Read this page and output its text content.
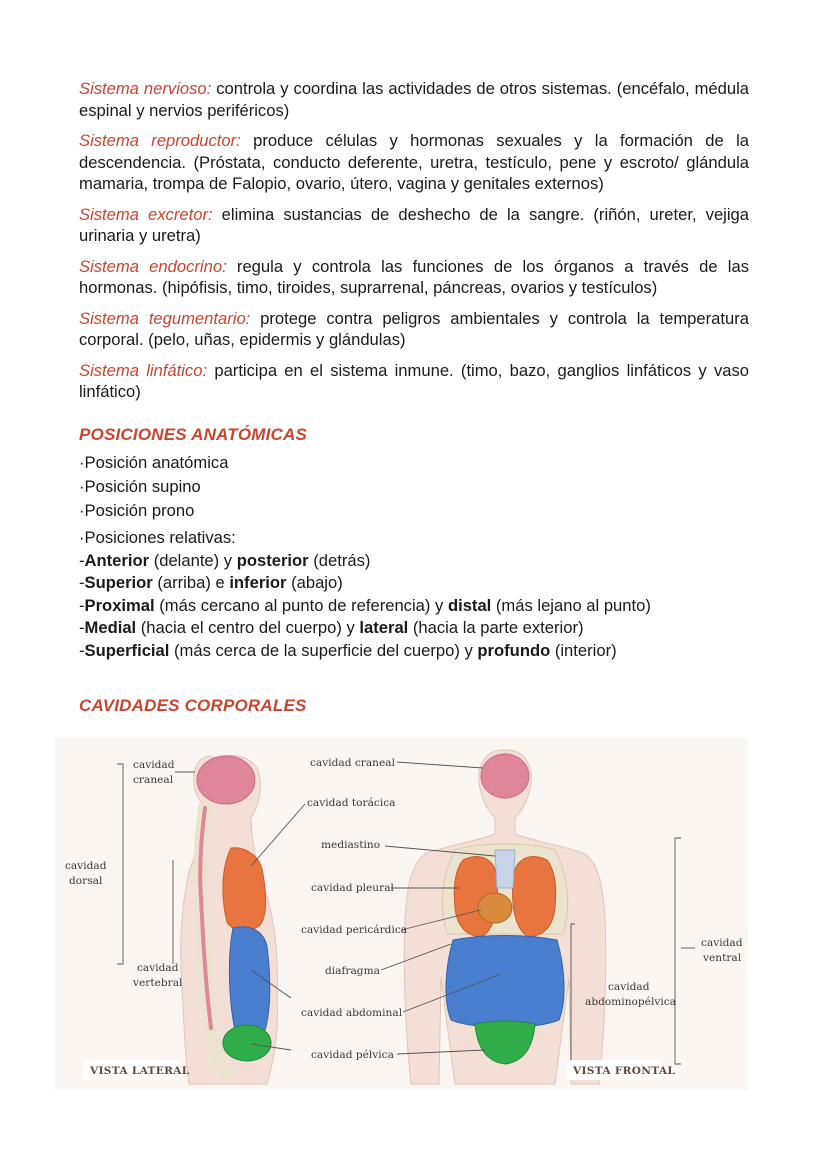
Sistema nervioso: controla y coordina las actividades de otros sistemas. (encéfalo, médula espinal y nervios periféricos)

Sistema reproductor: produce células y hormonas sexuales y la formación de la descendencia. (Próstata, conducto deferente, uretra, testículo, pene y escroto/ glándula mamaria, trompa de Falopio, ovario, útero, vagina y genitales externos)

Sistema excretor: elimina sustancias de deshecho de la sangre. (riñón, ureter, vejiga urinaria y uretra)

Sistema endocrino: regula y controla las funciones de los órganos a través de las hormonas. (hipófisis, timo, tiroides, suprarrenal, páncreas, ovarios y testículos)

Sistema tegumentario: protege contra peligros ambientales y controla la temperatura corporal. (pelo, uñas, epidermis y glándulas)

Sistema linfático: participa en el sistema inmune. (timo, bazo, ganglios linfáticos y vaso linfático)

POSICIONES ANATÓMICAS
·Posición anatómica
·Posición supino
·Posición prono
·Posiciones relativas:
-Anterior (delante) y posterior (detrás)
-Superior (arriba) e inferior (abajo)
-Proximal (más cercano al punto de referencia) y distal (más lejano al punto)
-Medial (hacia el centro del cuerpo) y lateral (hacia la parte exterior)
-Superficial (más cerca de la superficie del cuerpo) y profundo (interior)
CAVIDADES CORPORALES
cavidad
craneal
cavidad
dorsal
cavidad
vertebral
cavidad craneal
cavidad torácica
mediastino
cavidad pleural
cavidad pericárdica
diafragma
cavidad abdominal
cavidad pélvica
cavidad
ventral
cavidad
abdominopélvica
VISTA LATERAL	VISTA FRONTAL
